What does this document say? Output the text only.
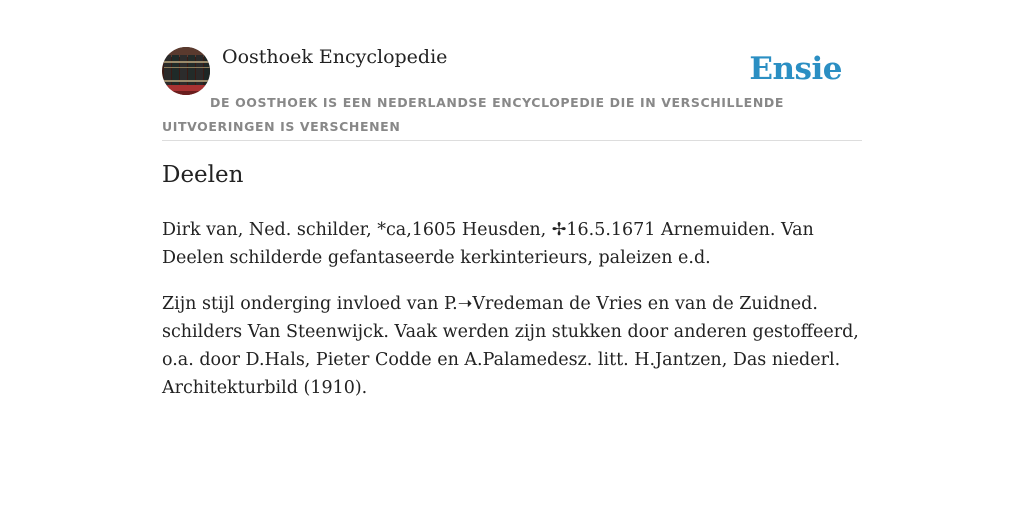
Oosthoek Encyclopedie	Ensie
DE OOSTHOEK IS EEN NEDERLANDSE ENCYCLOPEDIE DIE IN VERSCHILLENDE UITVOERINGEN IS VERSCHENEN
Deelen

Dirk van, Ned. schilder, *ca,1605 Heusden, ✢16.5.1671 Arnemuiden. Van Deelen schilderde gefantaseerde kerkinterieurs, paleizen e.d.

Zijn stijl onderging invloed van P.➝Vredeman de Vries en van de Zuidned. schilders Van Steenwijck. Vaak werden zijn stukken door anderen gestoffeerd, o.a. door D.Hals, Pieter Codde en A.Palamedesz. litt. H.Jantzen, Das niederl. Architekturbild (1910).
